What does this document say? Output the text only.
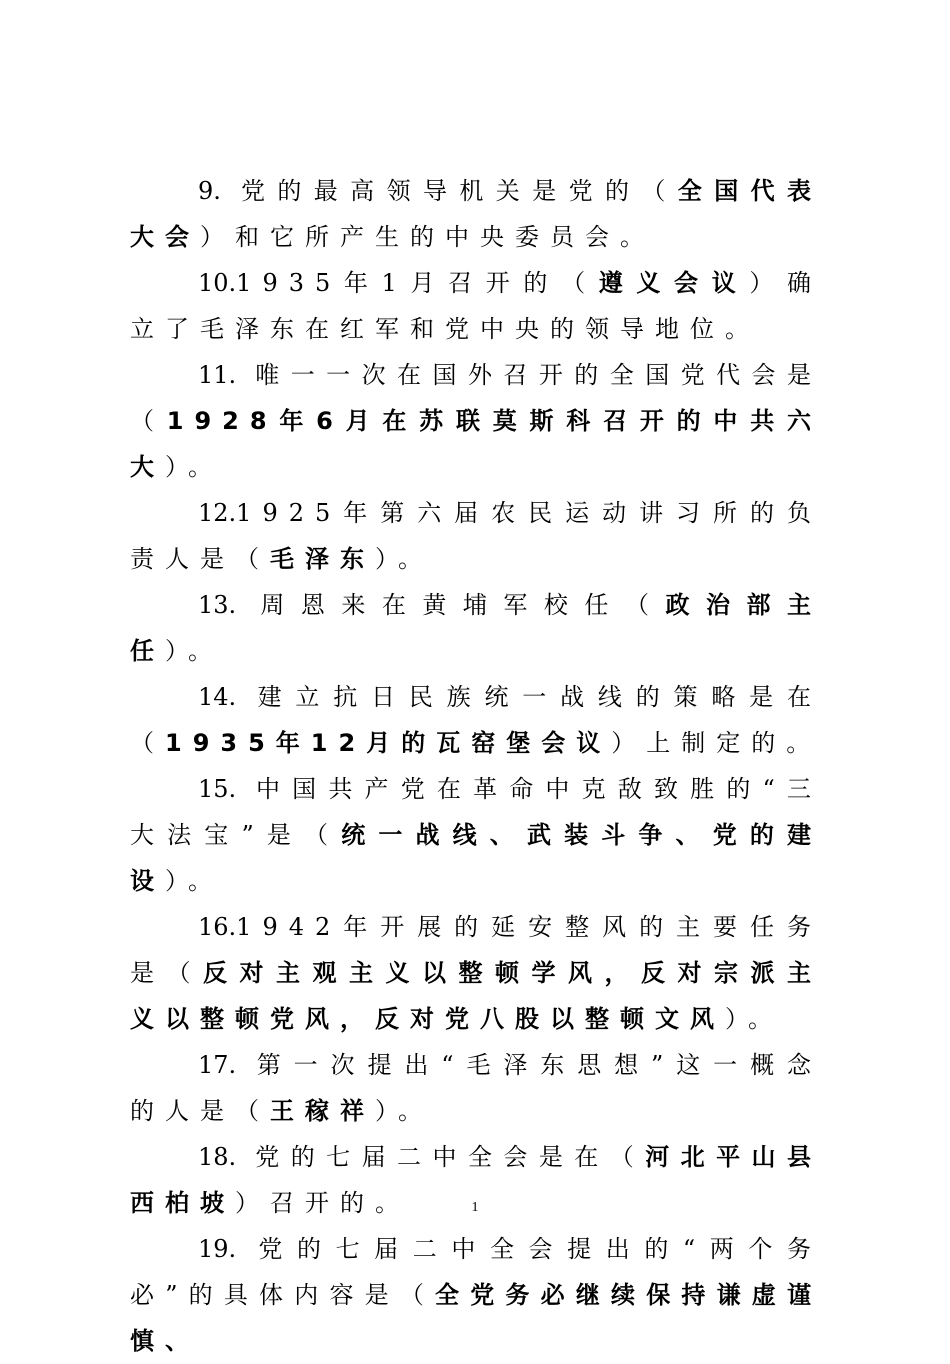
9. 党的最高领导机关是党的（全国代表大会）和它所产生的中央委员会。

10.1935年1月召开的（遵义会议）确立了毛泽东在红军和党中央的领导地位。

11. 唯一一次在国外召开的全国党代会是（1928年6月在苏联莫斯科召开的中共六大）。

12.1925年第六届农民运动讲习所的负责人是（毛泽东）。

13. 周恩来在黄埔军校任（政治部主任）。

14. 建立抗日民族统一战线的策略是在（1935年12月的瓦窑堡会议）上制定的。

15. 中国共产党在革命中克敌致胜的“三大法宝”是（统一战线、武装斗争、党的建设）。

16.1942年开展的延安整风的主要任务是（反对主观主义以整顿学风，反对宗派主义以整顿党风，反对党八股以整顿文风）。

17. 第一次提出“毛泽东思想”这一概念的人是（王稼祥）。

18. 党的七届二中全会是在（河北平山县西柏坡）召开的。

19. 党的七届二中全会提出的“两个务必”的具体内容是（全党务必继续保持谦虚谨慎、

1
